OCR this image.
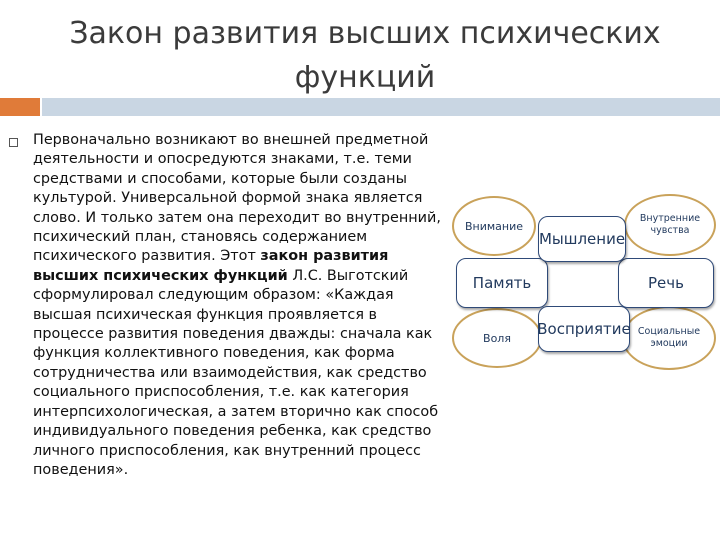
Закон развития высших психических
функций
Первоначально возникают во внешней предметной деятельности и опосредуются знаками, т.е. теми средствами и способами, которые были созданы культурой. Универсальной формой знака является слово. И только затем она переходит во внутренний, психический план, становясь содержанием психического развития. Этот закон развития высших психических функций Л.С. Выготский сформулировал следующим образом: «Каждая высшая психическая функция проявляется в процессе развития поведения дважды: сначала как функция коллективного поведения, как форма сотрудничества или взаимодействия, как средство социального приспособления, т.е. как категория интерпсихологическая, а затем вторично как способ индивидуального поведения ребенка, как средство личного приспособления, как внутренний процесс поведения».
Внимание
Внутренние
чувства
Воля	Социальные
эмоции
Память	Речь
Мышление
Восприятие
